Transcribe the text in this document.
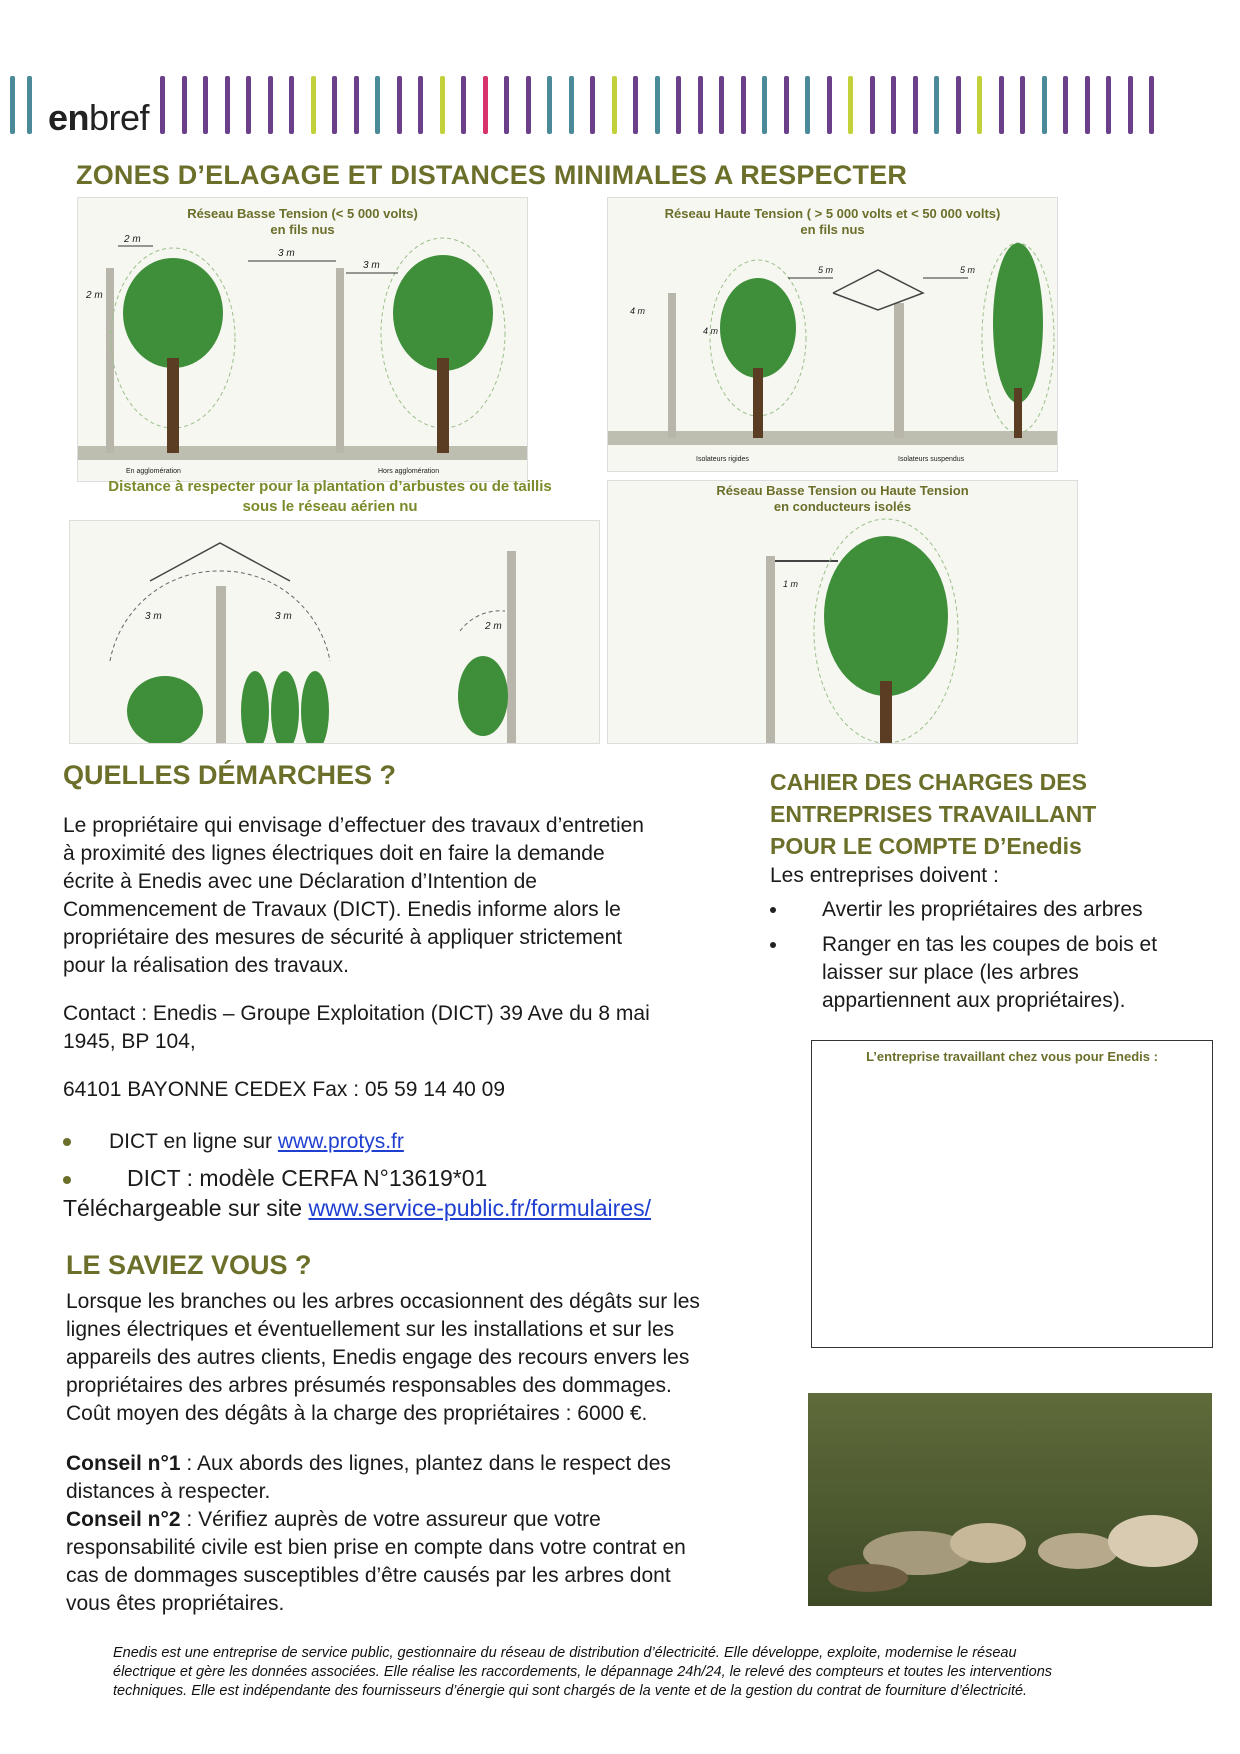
enbref
ZONES D’ELAGAGE ET DISTANCES MINIMALES A RESPECTER
Réseau Basse Tension (< 5 000 volts)
en fils nus
2 m
3 m
3 m
2 m
En agglomération	Hors agglomération
Réseau Haute Tension ( > 5 000 volts et < 50 000 volts)
en fils nus
4 m
4 m
5 m	5 m
Isolateurs rigides	Isolateurs suspendus
Distance à respecter pour la plantation d’arbustes ou de taillis
sous le réseau aérien nu
3 m	3 m
2 m
Réseau Basse Tension ou Haute Tension
en conducteurs isolés
1 m
QUELLES DÉMARCHES ?
Le propriétaire qui envisage d’effectuer des travaux d’entretien
à proximité des lignes électriques doit en faire la demande
écrite à Enedis avec une Déclaration d’Intention de
Commencement de Travaux (DICT). Enedis informe alors le
propriétaire des mesures de sécurité à appliquer strictement
pour la réalisation des travaux.
Contact : Enedis – Groupe Exploitation (DICT) 39 Ave du 8 mai
1945, BP 104,
64101 BAYONNE CEDEX Fax : 05 59 14 40 09
DICT en ligne sur www.protys.fr
DICT : modèle CERFA N°13619*01
Téléchargeable sur site www.service-public.fr/formulaires/
LE SAVIEZ VOUS ?
Lorsque les branches ou les arbres occasionnent des dégâts sur les
lignes électriques et éventuellement sur les installations et sur les
appareils des autres clients, Enedis engage des recours envers les
propriétaires des arbres présumés responsables des dommages.
Coût moyen des dégâts à la charge des propriétaires : 6000 €.
Conseil n°1 : Aux abords des lignes, plantez dans le respect des
distances à respecter.
Conseil n°2 : Vérifiez auprès de votre assureur que votre
responsabilité civile est bien prise en compte dans votre contrat en
cas de dommages susceptibles d’être causés par les arbres dont
vous êtes propriétaires.
CAHIER DES CHARGES DES
ENTREPRISES TRAVAILLANT
POUR LE COMPTE D’Enedis
Les entreprises doivent :
Avertir les propriétaires des arbres
Ranger en tas les coupes de bois et
laisser sur place (les arbres
appartiennent aux propriétaires).
L’entreprise travaillant chez vous pour Enedis :
Enedis est une entreprise de service public, gestionnaire du réseau de distribution d’électricité. Elle développe, exploite, modernise le réseau
électrique et gère les données associées. Elle réalise les raccordements, le dépannage 24h/24, le relevé des compteurs et toutes les interventions
techniques. Elle est indépendante des fournisseurs d’énergie qui sont chargés de la vente et de la gestion du contrat de fourniture d’électricité.
